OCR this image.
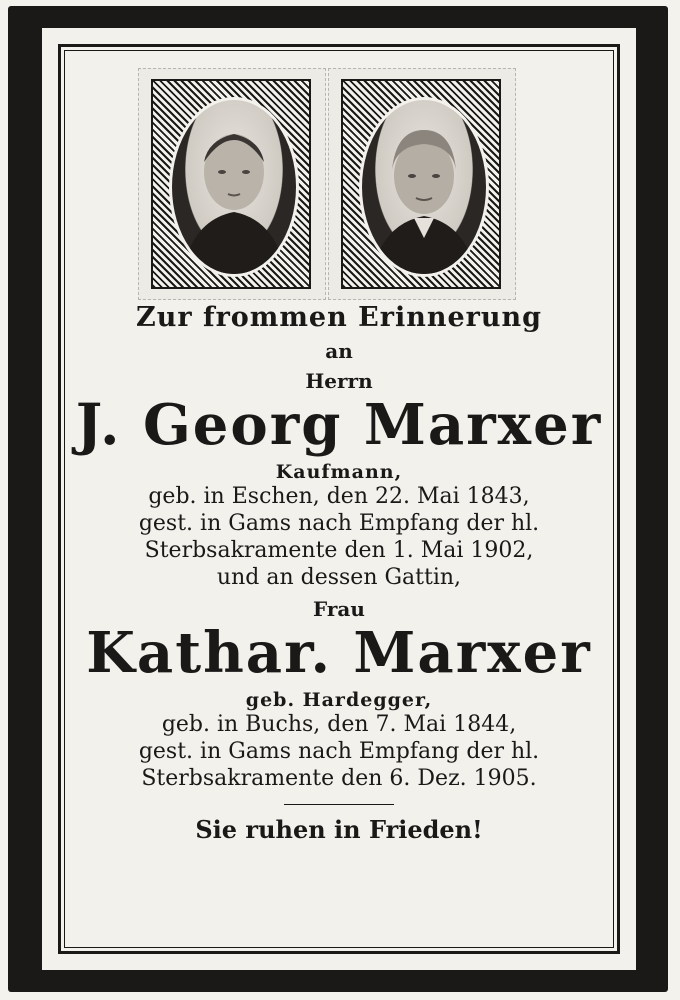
Zur frommen Erinnerung
an
Herrn
J. Georg Marxer
Kaufmann,
geb. in Eschen, den 22. Mai 1843,
gest. in Gams nach Empfang der hl.
Sterbsakramente den 1. Mai 1902,
und an dessen Gattin,
Frau
Kathar. Marxer
geb. Hardegger,
geb. in Buchs, den 7. Mai 1844,
gest. in Gams nach Empfang der hl.
Sterbsakramente den 6. Dez. 1905.
Sie ruhen in Frieden!
